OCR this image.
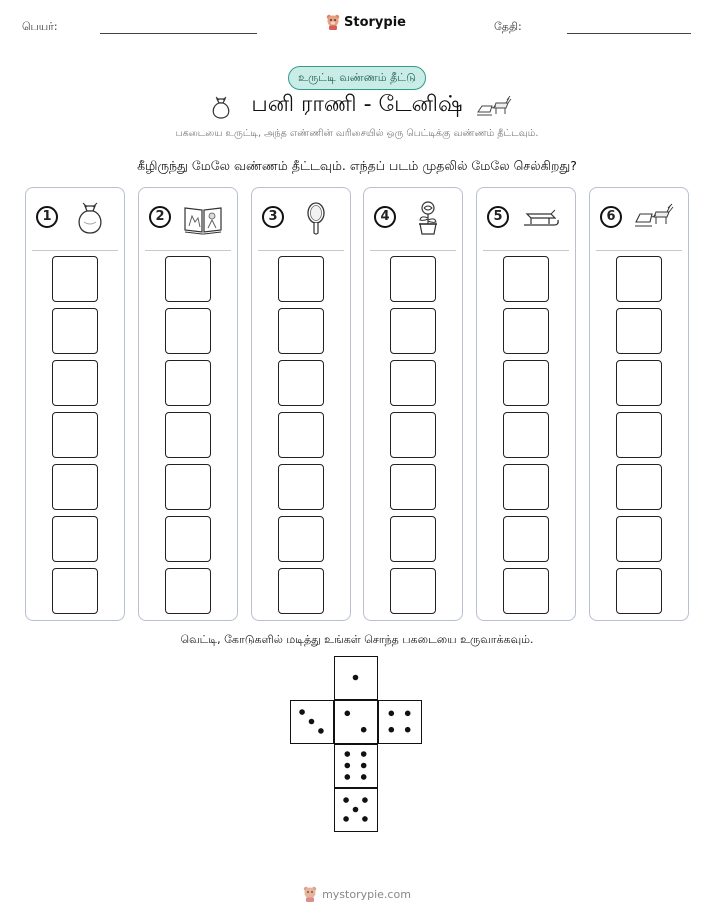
பெயர்:	Storypie	தேதி:
உருட்டி வண்ணம் தீட்டு
பனி ராணி - டேனிஷ்
பகடையை உருட்டி, அந்த எண்ணின் வரிசையில் ஒரு பெட்டிக்கு வண்ணம் தீட்டவும்.
கீழிருந்து மேலே வண்ணம் தீட்டவும். எந்தப் படம் முதலில் மேலே செல்கிறது?
1	2	3	4	5	6
வெட்டி, கோடுகளில் மடித்து உங்கள் சொந்த பகடையை உருவாக்கவும்.
mystorypie.com
